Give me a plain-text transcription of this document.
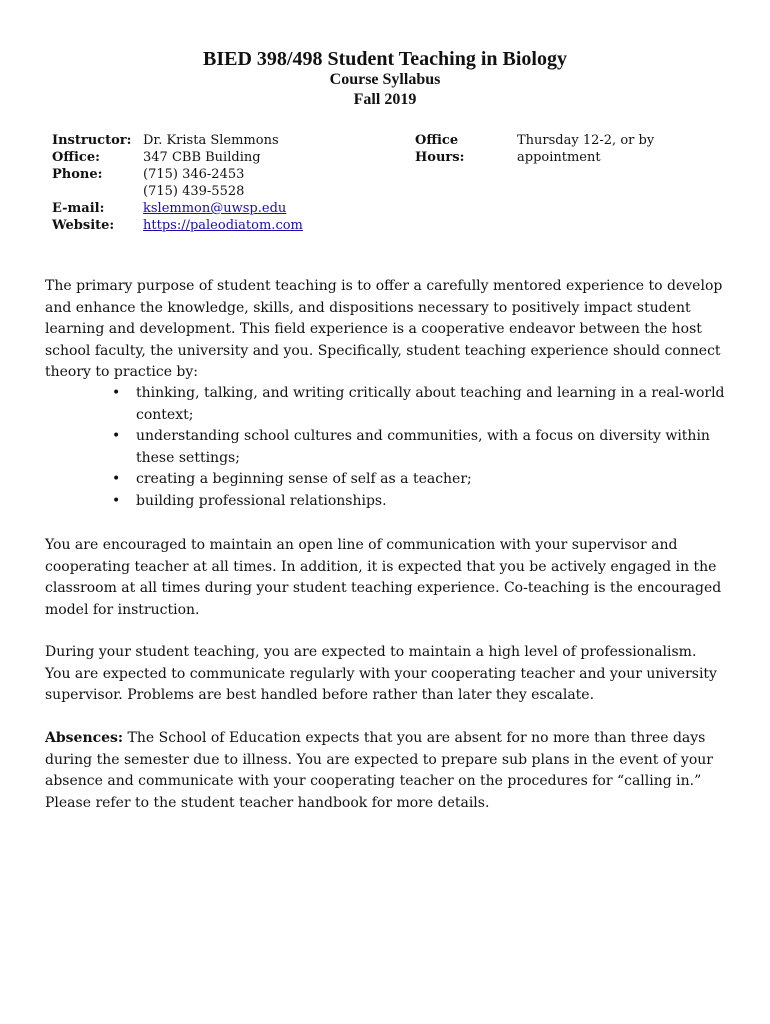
BIED 398/498 Student Teaching in Biology
Course Syllabus
Fall 2019
Instructor:
Office:
Phone:
E-mail:
Website:
Dr. Krista Slemmons
347 CBB Building
(715) 346-2453
(715) 439-5528
kslemmon@uwsp.edu
https://paleodiatom.com
Office
Hours:
Thursday 12-2, or by
appointment

The primary purpose of student teaching is to offer a carefully mentored experience to develop and enhance the knowledge, skills, and dispositions necessary to positively impact student learning and development. This field experience is a cooperative endeavor between the host school faculty, the university and you. Specifically, student teaching experience should connect theory to practice by:

• thinking, talking, and writing critically about teaching and learning in a real-world context;
• understanding school cultures and communities, with a focus on diversity within these settings;
• creating a beginning sense of self as a teacher;
• building professional relationships.

You are encouraged to maintain an open line of communication with your supervisor and cooperating teacher at all times. In addition, it is expected that you be actively engaged in the classroom at all times during your student teaching experience. Co-teaching is the encouraged model for instruction.

During your student teaching, you are expected to maintain a high level of professionalism. You are expected to communicate regularly with your cooperating teacher and your university supervisor. Problems are best handled before rather than later they escalate.

Absences: The School of Education expects that you are absent for no more than three days during the semester due to illness. You are expected to prepare sub plans in the event of your absence and communicate with your cooperating teacher on the procedures for “calling in.” Please refer to the student teacher handbook for more details.
